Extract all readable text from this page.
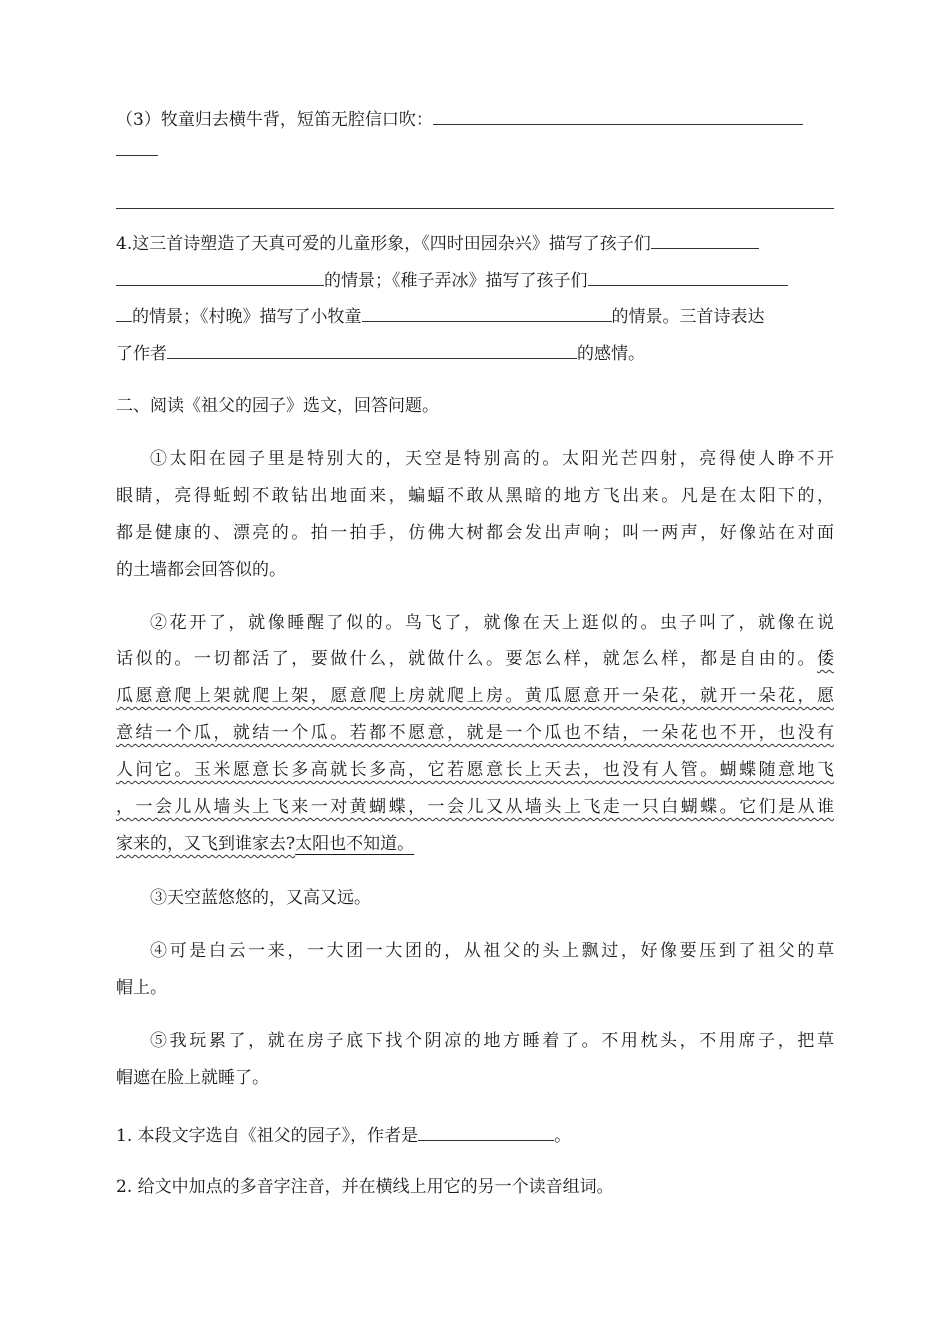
（3）牧童归去横牛背，短笛无腔信口吹：
4.这三首诗塑造了天真可爱的儿童形象，《四时田园杂兴》描写了孩子们
的情景；《稚子弄冰》描写了孩子们
的情景；《村晚》描写了小牧童	的情景。三首诗表达
了作者	的感情。
二、阅读《祖父的园子》选文，回答问题。
①太阳在园子里是特别大的，天空是特别高的。太阳光芒四射，亮得使人睁不开
眼睛，亮得蚯蚓不敢钻出地面来，蝙蝠不敢从黑暗的地方飞出来。凡是在太阳下的，
都是健康的、漂亮的。拍一拍手，仿佛大树都会发出声响；叫一两声，好像站在对面
的土墙都会回答似的。
②花开了，就像睡醒了似的。鸟飞了，就像在天上逛似的。虫子叫了，就像在说
话似的。一切都活了，要做什么，就做什么。要怎么样，就怎么样，都是自由的。倭
瓜愿意爬上架就爬上架，愿意爬上房就爬上房。黄瓜愿意开一朵花，就开一朵花，愿
意结一个瓜，就结一个瓜。若都不愿意，就是一个瓜也不结，一朵花也不开，也没有
人问它。玉米愿意长多高就长多高，它若愿意长上天去，也没有人管。蝴蝶随意地飞
，一会儿从墙头上飞来一对黄蝴蝶，一会儿又从墙头上飞走一只白蝴蝶。它们是从谁
家来的，又飞到谁家去?太阳也不知道。
③天空蓝悠悠的，又高又远。
④可是白云一来，一大团一大团的，从祖父的头上飘过，好像要压到了祖父的草
帽上。
⑤我玩累了，就在房子底下找个阴凉的地方睡着了。不用枕头，不用席子，把草
帽遮在脸上就睡了。
1. 本段文字选自《祖父的园子》，作者是	。
2. 给文中加点的多音字注音，并在横线上用它的另一个读音组词。
